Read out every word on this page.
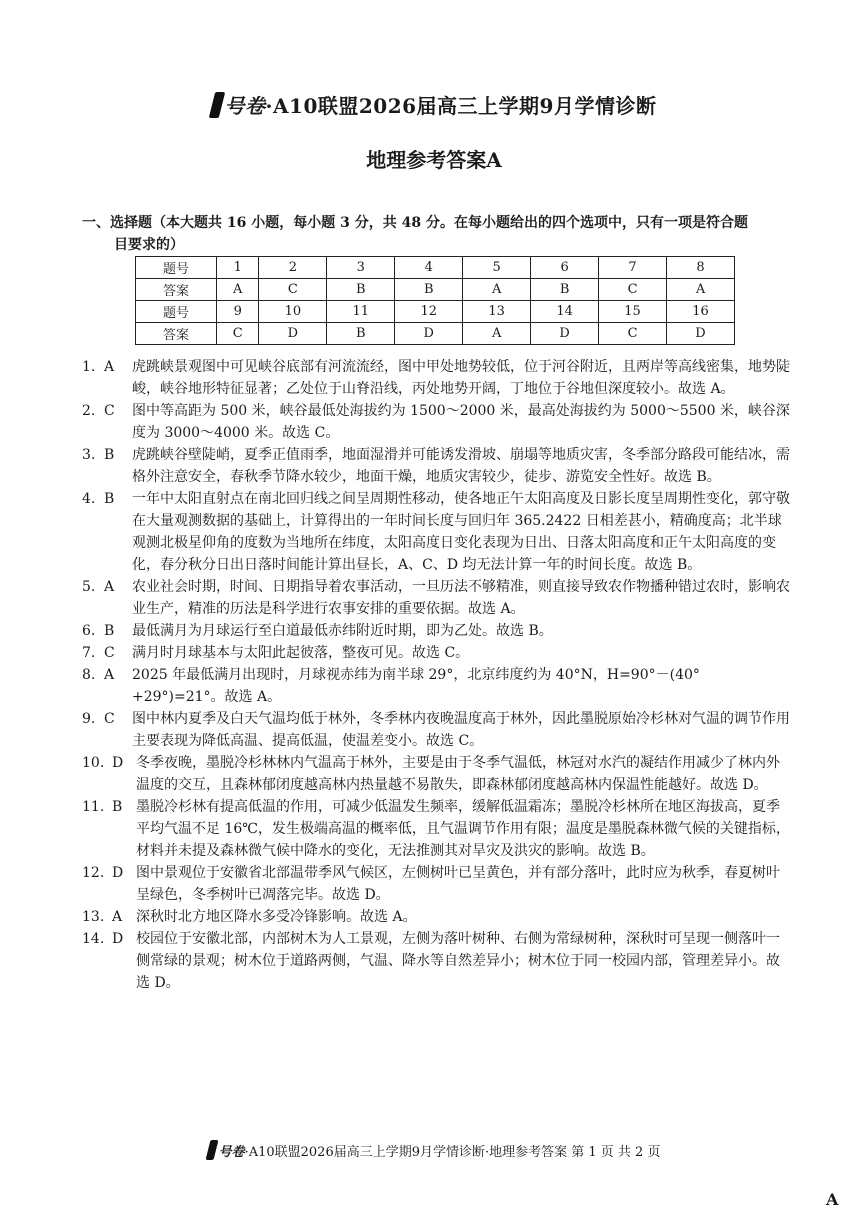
号卷·A10联盟2026届高三上学期9月学情诊断
地理参考答案A
一、选择题（本大题共 16 小题，每小题 3 分，共 48 分。在每小题给出的四个选项中，只有一项是符合题
目要求的）
题号	1	2	3	4	5	6	7	8
答案	A	C	B	B	A	B	C	A
题号	9	10	11	12	13	14	15	16
答案	C	D	B	D	A	D	C	D

1. A	虎跳峡景观图中可见峡谷底部有河流流经，图中甲处地势较低，位于河谷附近，且两岸等高线密集，地势陡峻，峡谷地形特征显著；乙处位于山脊沿线，丙处地势开阔，丁地位于谷地但深度较小。故选 A。

2. C	图中等高距为 500 米，峡谷最低处海拔约为 1500～2000 米，最高处海拔约为 5000～5500 米，峡谷深度为 3000～4000 米。故选 C。

3. B	虎跳峡谷壁陡峭，夏季正值雨季，地面湿滑并可能诱发滑坡、崩塌等地质灾害，冬季部分路段可能结冰，需格外注意安全，春秋季节降水较少，地面干燥，地质灾害较少，徒步、游览安全性好。故选 B。

4. B	一年中太阳直射点在南北回归线之间呈周期性移动，使各地正午太阳高度及日影长度呈周期性变化，郭守敬在大量观测数据的基础上，计算得出的一年时间长度与回归年 365.2422 日相差甚小，精确度高；北半球观测北极星仰角的度数为当地所在纬度，太阳高度日变化表现为日出、日落太阳高度和正午太阳高度的变化，春分秋分日出日落时间能计算出昼长，A、C、D 均无法计算一年的时间长度。故选 B。

5. A	农业社会时期，时间、日期指导着农事活动，一旦历法不够精准，则直接导致农作物播种错过农时，影响农业生产，精准的历法是科学进行农事安排的重要依据。故选 A。

6. B	最低满月为月球运行至白道最低赤纬附近时期，即为乙处。故选 B。

7. C	满月时月球基本与太阳此起彼落，整夜可见。故选 C。

8. A	2025 年最低满月出现时，月球视赤纬为南半球 29°，北京纬度约为 40°N，H=90°－(40°+29°)=21°。故选 A。

9. C	图中林内夏季及白天气温均低于林外，冬季林内夜晚温度高于林外，因此墨脱原始冷杉林对气温的调节作用主要表现为降低高温、提高低温，使温差变小。故选 C。

10. D 冬季夜晚，墨脱冷杉林林内气温高于林外，主要是由于冬季气温低，林冠对水汽的凝结作用减少了林内外温度的交互，且森林郁闭度越高林内热量越不易散失，即森林郁闭度越高林内保温性能越好。故选 D。

11. B 墨脱冷杉林有提高低温的作用，可减少低温发生频率，缓解低温霜冻；墨脱冷杉林所在地区海拔高，夏季平均气温不足 16℃，发生极端高温的概率低，且气温调节作用有限；温度是墨脱森林微气候的关键指标，材料并未提及森林微气候中降水的变化，无法推测其对旱灾及洪灾的影响。故选 B。

12. D 图中景观位于安徽省北部温带季风气候区，左侧树叶已呈黄色，并有部分落叶，此时应为秋季，春夏树叶呈绿色，冬季树叶已凋落完毕。故选 D。

13. A 深秋时北方地区降水多受冷锋影响。故选 A。

14. D 校园位于安徽北部，内部树木为人工景观，左侧为落叶树种、右侧为常绿树种，深秋时可呈现一侧落叶一侧常绿的景观；树木位于道路两侧，气温、降水等自然差异小；树木位于同一校园内部，管理差异小。故选 D。

号卷·A10联盟2026届高三上学期9月学情诊断·地理参考答案 第 1 页 共 2 页
A
